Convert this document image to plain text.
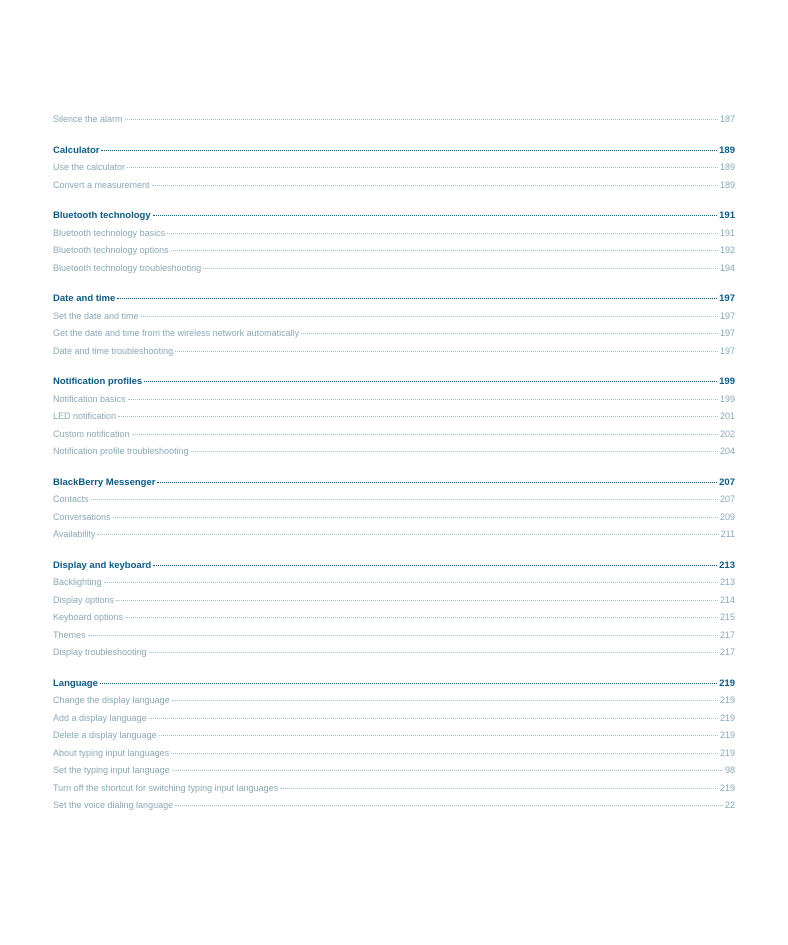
Silence the alarm	187
Calculator	189
Use the calculator	189
Convert a measurement	189
Bluetooth technology	191
Bluetooth technology basics	191
Bluetooth technology options	192
Bluetooth technology troubleshooting	194
Date and time	197
Set the date and time	197
Get the date and time from the wireless network automatically	197
Date and time troubleshooting	197
Notification profiles	199
Notification basics	199
LED notification	201
Custom notification	202
Notification profile troubleshooting	204
BlackBerry Messenger	207
Contacts	207
Conversations	209
Availability	211
Display and keyboard	213
Backlighting	213
Display options	214
Keyboard options	215
Themes	217
Display troubleshooting	217
Language	219
Change the display language	219
Add a display language	219
Delete a display language	219
About typing input languages	219
Set the typing input language	98
Turn off the shortcut for switching typing input languages	219
Set the voice dialing language	22
